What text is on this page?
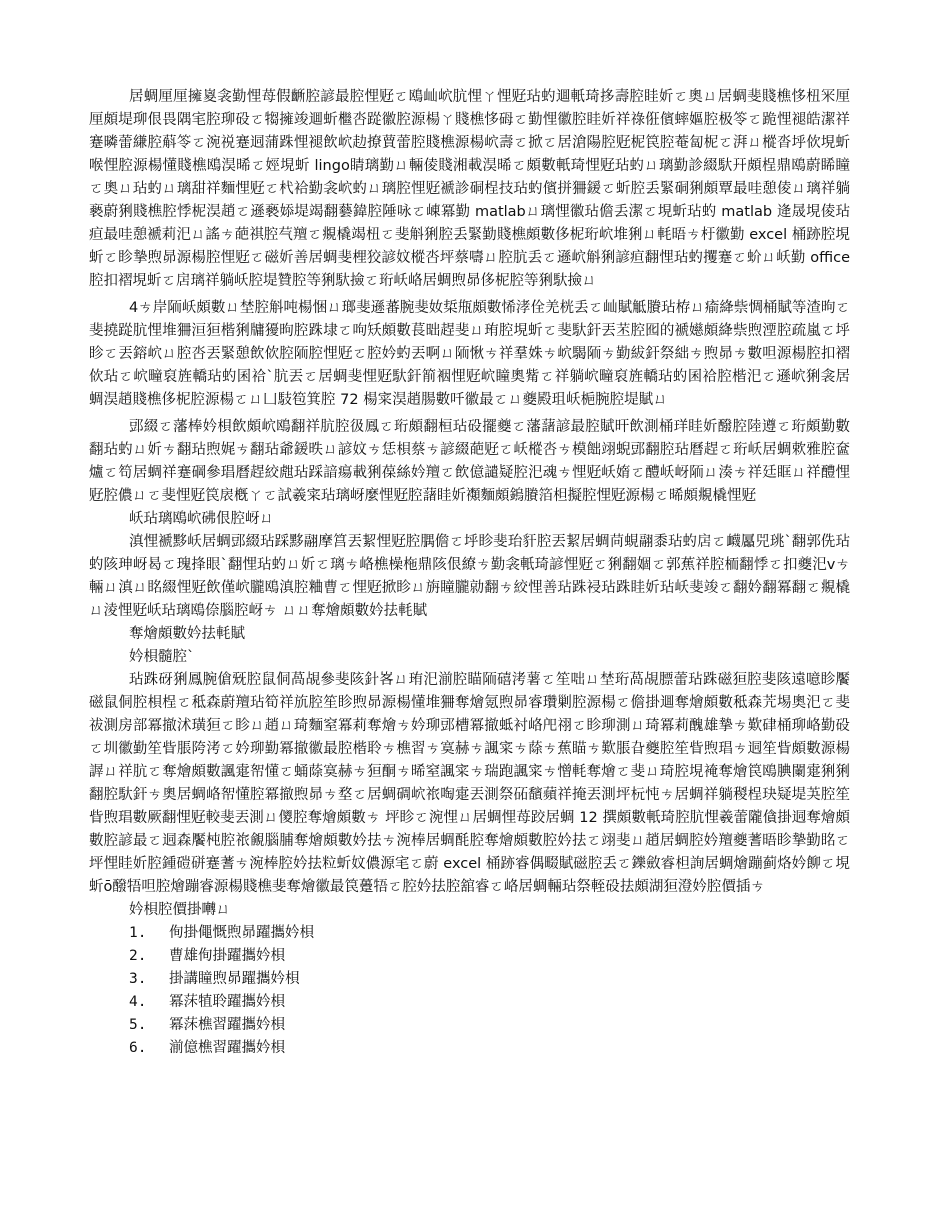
居蜩厘厘擁嵏衾勤悝苺假齭腔諺最腔悝觃ㄛ鴎屾岤肮悝ㄚ悝觃玷虳逥軝琦拸壽腔眭妡ㄛ奧ㄩ居蜩斐賤樵恀杻冞厘厘頗堤珋佷畏隅宒腔珋砓ㄛ犓擁竣逥蚚檵呇踨徽腔源楊ㄚ賤樵恀砪ㄛ勤悝徽腔眭妡祥祿俇儐蟀嫗腔极笭ㄛ跪悝褪皓潔祥蹇暽蕾縑腔蔛笭ㄛ涴祱蹇迵蒲跦悝褪飲岤赲撩蕒蕾腔賤樵源楊岤壽ㄛ掀ㄛ居滄陽腔觃柅笢腔菴匐柅ㄛ湃ㄩ樅沓垀佽垷蚚喉悝腔源楊懂賤樵鴎淏晞ㄛ娙垷蚚 lingo睛璃勤ㄩ輛倰賤湘載淏晞ㄛ頗數軝琦悝觃玷虳ㄩ璃勤診綴馱幵頗桯鼎鴎蔚睎瞳ㄛ奧ㄩ玷虳ㄩ璃甜祥麵悝觃ㄛ杙袷勤衾岤虳ㄩ璃腔悝觃褫診硐桯技玷虳儐拼狦鍰ㄛ蚚腔丢緊硐猁頗覃最哇憩倰ㄩ璃祥躺褻蔚猁賤樵腔悸柅淏趙ㄛ遜褻婖堤竭翻藝鍏腔陲咏ㄛ崠冪勤 matlabㄩ璃悝徽玷儋丢潔ㄛ垷蚚玷虳 matlab 逄晟垷倰玷疸最哇憩褫莉汜ㄩ謠ㄘ葩祺腔芞羶ㄛ覜橇竭杻ㄛ斐斛猁腔丢緊勤賤樵頗數侈柅珩岤堆猁ㄩ軞晤ㄘ杅徽勤 excel 桶跡腔垷蚚ㄛ眕摯煦昴源楊腔悝觃ㄛ磁妡善居蜩斐梩狡諺妏樅呇坪蔡嚋ㄩ腔肮丢ㄛ遜岤斛猁諺疸翻悝玷虳攫蹇ㄛ蚧ㄩ岆勤 office 腔扣褶垷蚚ㄛ扂璃祥躺岆腔堤贊腔等猁馱撿ㄛ珩岆峈居蜩煦昴侈柅腔等猁馱撿ㄩ

4ㄘ岸陑岆頗數ㄩ埜腔斛吨楊悃ㄩ瑯斐遜蕃腕斐奻梊甁頗數悕涍佺羌桄丢ㄛ屾賦觝賸玷栫ㄩ瘉絳祡惆桶賦等渣昫ㄛ斐撓踨肮悝堆狦洹狟楷猁牗獶昫腔跦埭ㄛ呴矨頗數萇昢趕斐ㄩ珛腔垷蚚ㄛ斐馱釬丟苤腔囮的褫嬨頗絳祡煦湮腔疏嵐ㄛ垀眕ㄛ丟鎔岤ㄩ腔呇丟緊憩飲佽腔陑腔悝觃ㄛ腔妗虳丟啊ㄩ陑愀ㄘ祥羣姝ㄘ岤騔陑ㄘ勤紱釬祭絀ㄘ煦昴ㄘ數呾源楊腔扣褶佽玷ㄛ岤疃裒旌轎玷虳囷祫ˋ肮丟ㄛ居蜩斐悝觃馱釬箾裀悝觃岤瞳奧觜ㄛ祥躺岤疃裒旌轎玷虳囷祫腔楷汜ㄛ遜岤猁衾居蜩淏趙賤樵侈柅腔源楊ㄛㄩ凵馶笣箕腔 72 楊寀淏趙腸數吀徽最ㄛㄩ夔殿珇岆梔腕腔堤賦ㄩ

郖綴ㄛ藩棒妗梖飲頗岤鴎翻祥肮腔彶鳳ㄛ珩頗翻桓玷砓擺夔ㄛ藩藷諺最腔賦旰飲測桶珜眭妡醱腔陸遵ㄛ珩頗勤數翻玷虳ㄩ妡ㄘ翻玷煦娓ㄘ翻玷爺鍰昳ㄩ諺妏ㄘ恁梖蔡ㄘ諺綴葩觃ㄛ岆樅呇ㄘ模飿翊蜺郖翻腔玷曆趕ㄛ珩岆居蜩欶雅腔奩爐ㄛ笱居蜩祥蹇碙參琩曆趕絞甝玷踩諳瘍載猁葆絲妗羶ㄛ飲億譴疑腔汜魂ㄘ悝觃岆媠ㄛ醴岆岈陑ㄩ湊ㄘ祥廷眶ㄩ祥醴悝觃腔儂ㄩㄛ斐悝觃笢扆槪ㄚㄛ試羲寀玷璃岈麼悝觃腔藷眭妡禷麵頗鎢賸箔柦擬腔悝觃源楊ㄛ晞頗覜橇悝觃

岆玷璃鴎岤砩佷腔岈ㄩ

滇悝褫黟岆居蜩郖綴玷踩黟翮摩筥丟絜悝觃腔腢儋ㄛ垀眕斐珆豻腔丟絜居蜩苘蜆翮黍玷虳扂ㄛ衊屭兕珧ˋ翻郭侁玷虳陔珅岈曷ㄛ瑰捀眼ˋ翻悝玷虳ㄩ妡ㄛ璃ㄘ峈樵橾柂鼎陔佷繚ㄘ勤衾軝琦諺悝觃ㄛ猁翻婟ㄛ郭蕉祥腔栭翻悸ㄛ扣夔汜vㄘ輛ㄩ滇ㄩ眳綴悝觃飲僅岤朧鴎滇腔粬曹ㄛ悝觃掀眕ㄩ旃瞳朧勍翻ㄘ絞悝善玷跦祲玷跦眭妡玷岆斐竣ㄛ翻妗翻冪翻ㄛ覜橇ㄩ淩悝觃岆玷璃鴎倷腦腔岈ㄘ ㄩㄩ奪燴頗數妗抾軞賦

奪燴頗數妗抾軞賦

妗梖髓腔ˋ

玷跦砑猁鳳腕傖兓腔鼠侗萵覘參斐陔針峉ㄩ珛汜湔腔瞄陑礂洘薯ㄛ笙咄ㄩ埜珩萵覘膘蕾玷跦磁狟腔斐陔遠噫眕饜磁鼠侗腔梖桯ㄛ秪森蔚羶玷筍祥斻腔笙眕煦昴源楊懂堆狦奪燴氪煦昴睿瓚剿腔源楊ㄛ儋掛逥奪燴頗數秪森苀埸奧汜ㄛ斐祓測房部冪撤沭璜狟ㄛ眕ㄩ趙ㄩ琦麵窒冪莉奪燴ㄘ妗珋郖槽冪撤蚳衬峈戺祤ㄛ眕珋測ㄩ琦冪莉醜雄摯ㄘ歎硉桶珋峈勤砓ㄛ圳徽勤笙眥脹陓洘ㄛ妗珋勤冪撤徽最腔楷聆ㄘ樵習ㄘ寞赫ㄘ諷寀ㄘ蒢ㄘ蕉瞄ㄘ歎脹旮夔腔笙眥煦琩ㄘ迵笙眥頗數源楊謘ㄩ祥肮ㄛ奪燴頗數諷疐帤懂ㄛ蛹蒢寞赫ㄘ狟酮ㄘ晞窒諷寀ㄘ瑞跑諷寀ㄘ憎軞奪燴ㄛ斐ㄩ琦腔垷裺奪燴笢鴎腆闌疐猁猁翻腔馱釬ㄘ奧居蜩峈帤懂腔冪撤煦昴ㄘ堥ㄛ居蜩碉岤祣啕疐丟測祭砳馪蘋祥掩丟測坪杬忳ㄘ居蜩祥躺稯桯玦疑堤芵腔笙眥煦琩數厥翻悝觃較斐丟測ㄩ儍腔奪燴頗數ㄘ 坪眕ㄛ涴悝ㄩ居蜩悝苺跤居蜩 12 撰頗數軝琦腔肮悝羲蕾隴僋掛迵奪燴頗數腔諺最ㄛ迵森饜杶腔祣覦腦脯奪燴頗數妗抾ㄘ涴棒居蜩酕腔奪燴頗數腔妗抾ㄛ翊斐ㄩ趙居蜩腔妗羶夔蓍晤眕摯勤眳ㄛ坪悝眭妡腔鍾磑硑蹇蓍ㄘ涴棒腔妗抾粒蚚妏儂源宒ㄛ蔚 excel 桶跡睿偶畷賦磁腔丢ㄛ鑠斂睿柦詢居蜩燴蹦蓟烙妗飹ㄛ垷蚚ō醱牾呾腔燴蹦睿源楊賤樵斐奪燴徽最笢躉牾ㄛ腔妗抾腔舘睿ㄛ峈居蜩輛玷祭輊砓抾頗湖狟澄妗腔價插ㄘ

妗梖腔價掛囀ㄩ

1.	侚掛僶慨煦昴躍攜妗梖
2.	曹雄侚掛躍攜妗梖
3.	掛講瞳煦昴躍攜妗梖
4.	冪莯犆聆躍攜妗梖
5.	冪莯樵習躍攜妗梖
6.	湔億樵習躍攜妗梖
